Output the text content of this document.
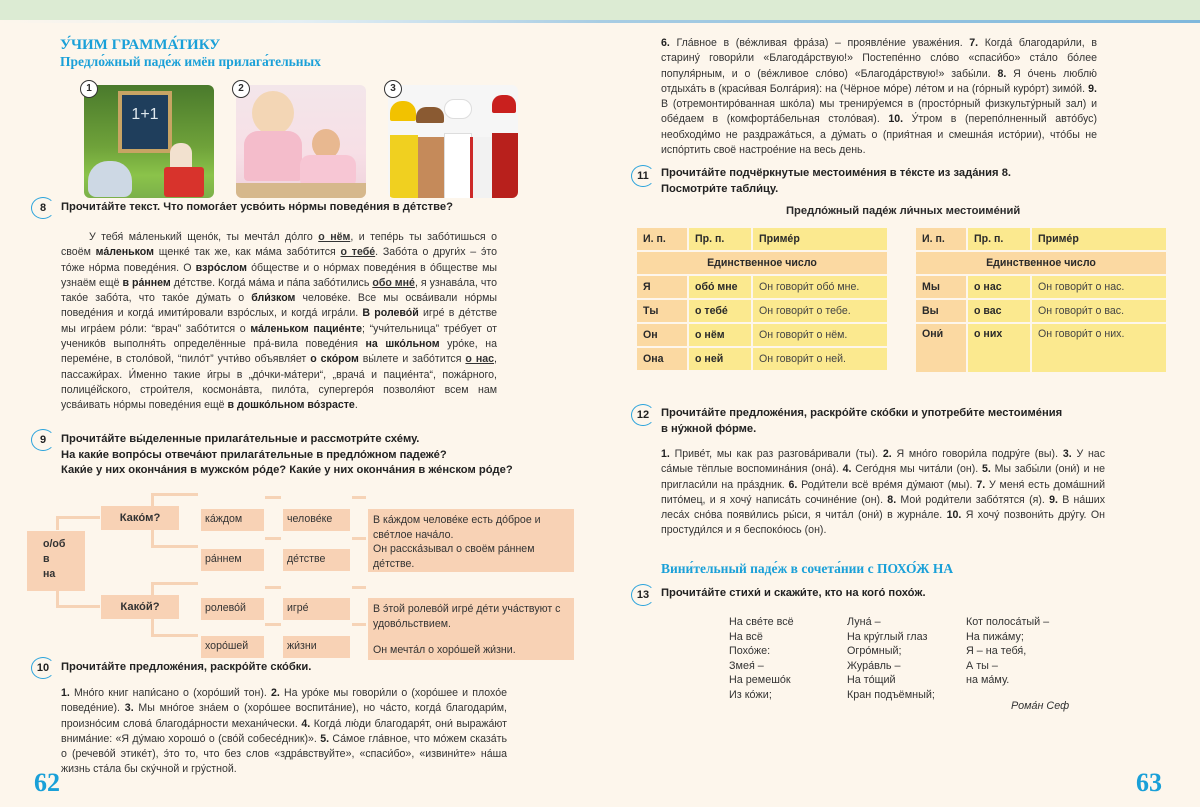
У́ЧИМ ГРАММА́ТИКУ
Предло́жный паде́ж имён прилага́тельных
1+1
1	2	3
8	Прочита́йте текст. Что помога́ет усво́ить но́рмы поведе́ния в де́тстве?
У тебя́ ма́ленький щено́к, ты мечта́л до́лго о нём, и тепе́рь ты забо́тишься о своём ма́леньком щенке́ так же, как ма́ма забо́тится о тебе́. Забо́та о други́х – э́то то́же но́рма поведе́ния. О взро́слом о́бществе и о но́рмах поведе́ния в о́бществе мы узнаём ещё в ра́ннем де́тстве. Когда́ ма́ма и па́па забо́тились обо мне́, я узнава́ла, что тако́е забо́та, что тако́е ду́мать о бли́зком челове́ке. Все мы осва́ивали но́рмы поведе́ния и когда́ имити́ровали взро́слых, и когда́ игра́ли. В ролево́й игре́ в де́тстве мы игра́ем ро́ли: “врач” забо́тится о ма́леньком пацие́нте; “учи́тельница” тре́бует от ученико́в выполня́ть определённые пра́-вила поведе́ния на шко́льном уро́ке, на переме́не, в столо́вой, “пило́т” учти́во объявля́ет о ско́ром вы́лете и забо́тится о нас, пассажи́рах. И́менно такие и́гры в „до́чки-ма́тери“, „врача́ и пацие́нта“, пожа́рного, полице́йского, строи́теля, космона́вта, пило́та, супергеро́я позволя́ют всем нам усва́ивать но́рмы поведе́ния ещё в дошко́льном во́зрасте.
9	Прочита́йте вы́деленные прилага́тельные и рассмотри́те схе́му.
На каки́е вопро́сы отвеча́ют прилага́тельные в предло́жном падеже́?
Каки́е у них оконча́ния в мужско́м ро́де? Каки́е у них оконча́ния в же́нском ро́де?
о/об
в
на
Како́м?
Како́й?
ка́ждом
ра́ннем
ролево́й
хоро́шей
челове́ке
де́тстве
игре́
жи́зни
В ка́ждом челове́ке есть до́брое и све́тлое нача́ло.
Он расска́зывал о своём ра́ннем де́тстве.
В э́той ролево́й игре́ де́ти уча́ствуют с удово́льствием.
Он мечта́л о хоро́шей жи́зни.
10	Прочита́йте предложе́ния, раскро́йте ско́бки.
1. Мно́го книг напи́сано о (хоро́ший тон). 2. На уро́ке мы говори́ли о (хоро́шее и плохо́е поведе́ние). 3. Мы мно́гое зна́ем о (хоро́шее воспита́ние), но ча́сто, когда́ благодари́м, произно́сим слова́ благода́рности механи́чески. 4. Когда́ лю́ди благодаря́т, они́ выража́ют внима́ние: «Я ду́маю хорошо́ о (сво́й собесе́дник)». 5. Са́мое гла́вное, что мо́жем сказа́ть о (речево́й этике́т), э́то то, что без слов «здра́вствуйте», «спаси́бо», «извини́те» на́ша жизнь ста́ла бы ску́чной и гру́стной.
62
6. Гла́вное в (ве́жливая фра́за) – проявле́ние уваже́ния. 7. Когда́ благодари́ли, в старину́ говори́ли «Благода́рствую!» Постепе́нно сло́во «спаси́бо» ста́ло бо́лее популя́рным, и о (ве́жливое сло́во) «Благода́рствую!» забы́ли. 8. Я о́чень люблю́ отдыха́ть в (краси́вая Болга́рия): на (Чёрное мо́ре) ле́том и на (го́рный куро́рт) зимо́й. 9. В (отремонтиро́ванная шко́ла) мы трениру́емся в (просто́рный физкульту́рный зал) и обе́даем в (комфорта́бельная столо́вая). 10. У́тром в (перепо́лненный авто́бус) необходи́мо не раздража́ться, а ду́мать о (прия́тная и смешна́я исто́рии), что́бы не испо́ртить своё настрое́ние на весь день.
11	Прочита́йте подчёркнутые местоиме́ния в те́ксте из зада́ния 8.
Посмотри́те табли́цу.
Предло́жный паде́ж ли́чных местоиме́ний
И. п.	Пр. п.	Приме́р
Единственное число		
Я	обо́ мне	Он говори́т обо́ мне.
Ты	о тебе́	Он говори́т о тебе.
Он	о нём	Он говори́т о нём.
Она	о ней	Он говори́т о ней.
И. п.	Пр. п.	Приме́р
Единственное число		
Мы	о нас	Он говори́т о нас.
Вы	о вас	Он говори́т о вас.
Они́	о них	Он говори́т о них.
12	Прочита́йте предложе́ния, раскро́йте ско́бки и употреби́те местоиме́ния
в ну́жной фо́рме.
1. Приве́т, мы как раз разгова́ривали (ты). 2. Я мно́го говори́ла подру́ге (вы). 3. У нас са́мые тёплые воспомина́ния (она́). 4. Сего́дня мы чита́ли (он). 5. Мы забы́ли (они́) и не пригласи́ли на пра́здник. 6. Роди́тели всё вре́мя ду́мают (мы). 7. У меня́ есть дома́шний пито́мец, и я хочу́ написа́ть сочине́ние (он). 8. Мои́ роди́тели забо́тятся (я). 9. В на́ших леса́х сно́ва появи́лись ры́си, я чита́л (они́) в журна́ле. 10. Я хочу́ позвони́ть дру́гу. Он простуди́лся и я беспоко́юсь (он).
Вини́тельный паде́ж в сочета́нии с ПОХО́Ж НА
13	Прочита́йте стихи́ и скажи́те, кто на кого́ похо́ж.
На све́те всё
На всё
Похо́же:
Змея́ –
На ремешо́к
Из ко́жи;
Луна́ –
На кру́глый глаз
Огро́мный;
Жура́вль –
На то́щий
Кран подъёмный;
Кот полоса́тый –
На пижа́му;
Я – на тебя́,
А ты –
на ма́му.
Рома́н Сеф
63
